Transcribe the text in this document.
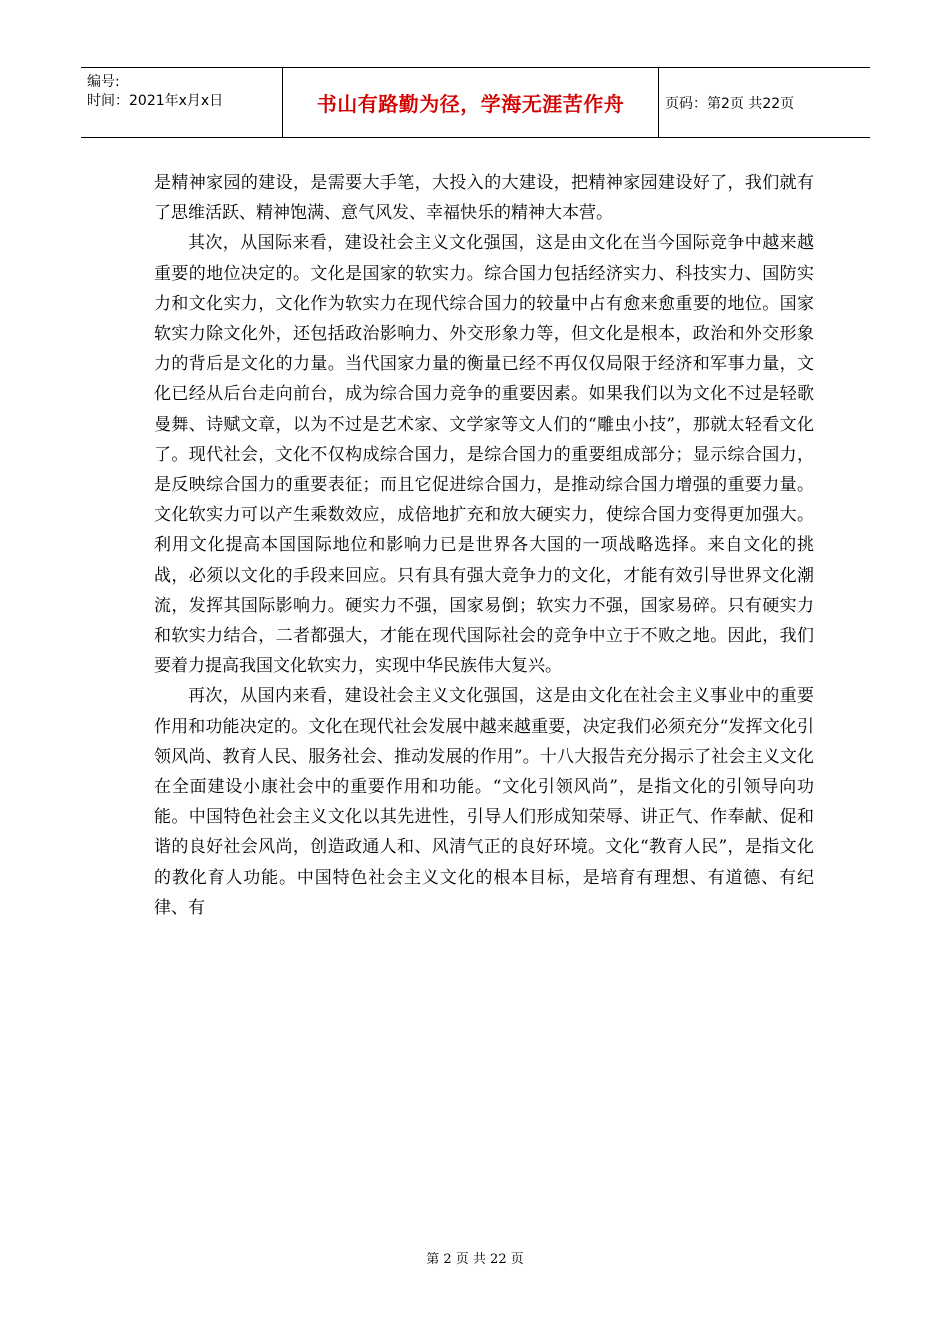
编号:
时间：2021年x月x日	书山有路勤为径，学海无涯苦作舟	页码：第2页 共22页

是精神家园的建设，是需要大手笔，大投入的大建设，把精神家园建设好了，我们就有了思维活跃、精神饱满、意气风发、幸福快乐的精神大本营。

其次，从国际来看，建设社会主义文化强国，这是由文化在当今国际竞争中越来越重要的地位决定的。文化是国家的软实力。综合国力包括经济实力、科技实力、国防实力和文化实力，文化作为软实力在现代综合国力的较量中占有愈来愈重要的地位。国家软实力除文化外，还包括政治影响力、外交形象力等，但文化是根本，政治和外交形象力的背后是文化的力量。当代国家力量的衡量已经不再仅仅局限于经济和军事力量，文化已经从后台走向前台，成为综合国力竞争的重要因素。如果我们以为文化不过是轻歌曼舞、诗赋文章，以为不过是艺术家、文学家等文人们的“雕虫小技”，那就太轻看文化了。现代社会，文化不仅构成综合国力，是综合国力的重要组成部分；显示综合国力，是反映综合国力的重要表征；而且它促进综合国力，是推动综合国力增强的重要力量。文化软实力可以产生乘数效应，成倍地扩充和放大硬实力，使综合国力变得更加强大。利用文化提高本国国际地位和影响力已是世界各大国的一项战略选择。来自文化的挑战，必须以文化的手段来回应。只有具有强大竞争力的文化，才能有效引导世界文化潮流，发挥其国际影响力。硬实力不强，国家易倒；软实力不强，国家易碎。只有硬实力和软实力结合，二者都强大，才能在现代国际社会的竞争中立于不败之地。因此，我们要着力提高我国文化软实力，实现中华民族伟大复兴。

再次，从国内来看，建设社会主义文化强国，这是由文化在社会主义事业中的重要作用和功能决定的。文化在现代社会发展中越来越重要，决定我们必须充分“发挥文化引领风尚、教育人民、服务社会、推动发展的作用”。十八大报告充分揭示了社会主义文化在全面建设小康社会中的重要作用和功能。“文化引领风尚”，是指文化的引领导向功能。中国特色社会主义文化以其先进性，引导人们形成知荣辱、讲正气、作奉献、促和谐的良好社会风尚，创造政通人和、风清气正的良好环境。文化“教育人民”，是指文化的教化育人功能。中国特色社会主义文化的根本目标，是培育有理想、有道德、有纪律、有

第 2 页 共 22 页
